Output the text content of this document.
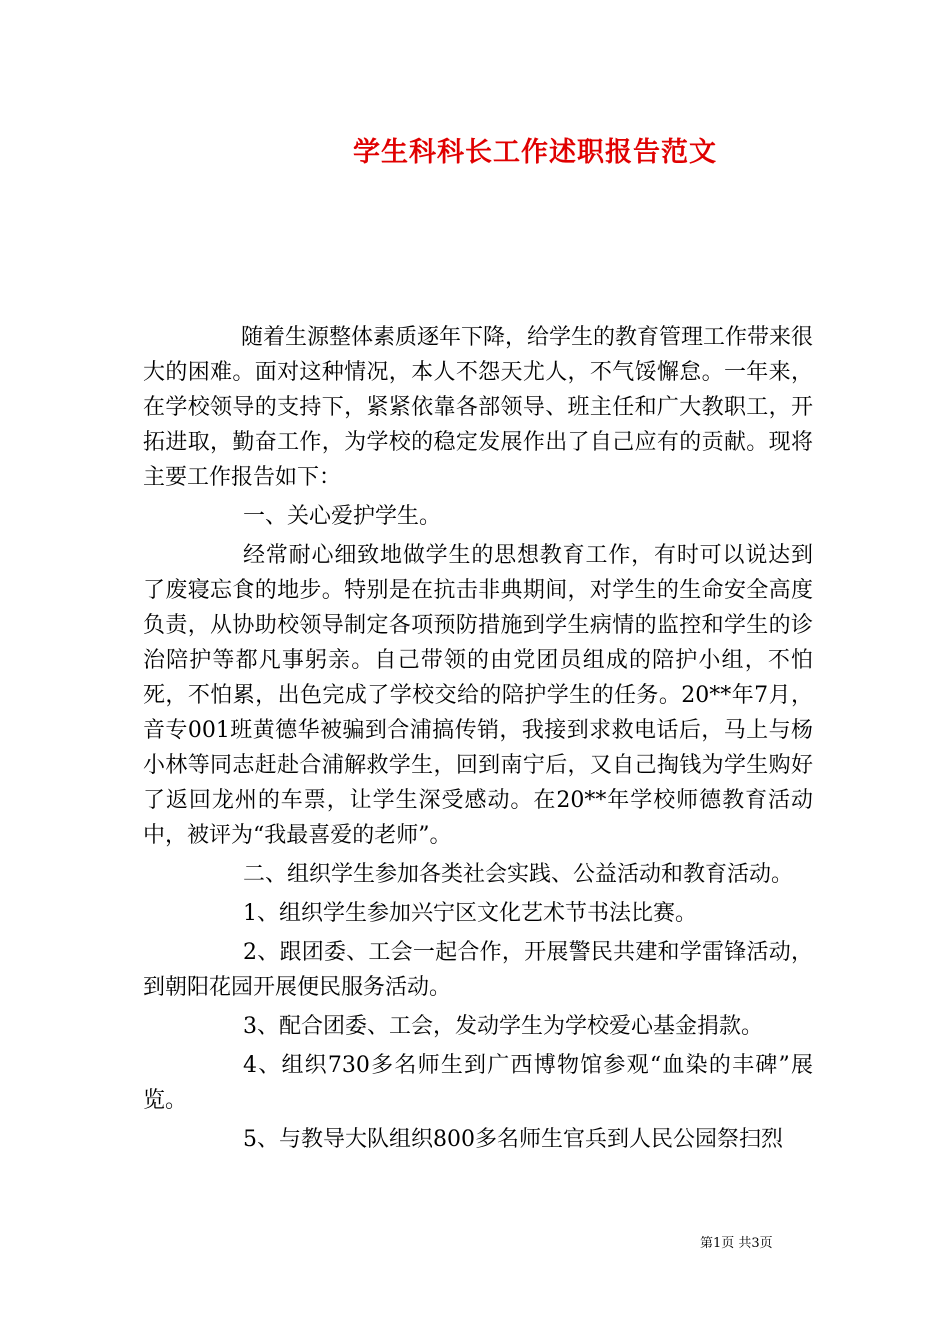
学生科科长工作述职报告范文

随着生源整体素质逐年下降，给学生的教育管理工作带来很大的困难。面对这种情况，本人不怨天尤人，不气馁懈怠。一年来，在学校领导的支持下，紧紧依靠各部领导、班主任和广大教职工，开拓进取，勤奋工作，为学校的稳定发展作出了自己应有的贡献。现将主要工作报告如下：

一、关心爱护学生。

经常耐心细致地做学生的思想教育工作，有时可以说达到了废寝忘食的地步。特别是在抗击非典期间，对学生的生命安全高度负责，从协助校领导制定各项预防措施到学生病情的监控和学生的诊治陪护等都凡事躬亲。自己带领的由党团员组成的陪护小组，不怕死，不怕累，出色完成了学校交给的陪护学生的任务。20**年7月，音专001班黄德华被骗到合浦搞传销，我接到求救电话后，马上与杨小林等同志赶赴合浦解救学生，回到南宁后，又自己掏钱为学生购好了返回龙州的车票，让学生深受感动。在20**年学校师德教育活动中，被评为“我最喜爱的老师”。

二、组织学生参加各类社会实践、公益活动和教育活动。

1、组织学生参加兴宁区文化艺术节书法比赛。

2、跟团委、工会一起合作，开展警民共建和学雷锋活动，到朝阳花园开展便民服务活动。

3、配合团委、工会，发动学生为学校爱心基金捐款。

4、组织730多名师生到广西博物馆参观“血染的丰碑”展览。

5、与教导大队组织800多名师生官兵到人民公园祭扫烈

第1页 共3页
